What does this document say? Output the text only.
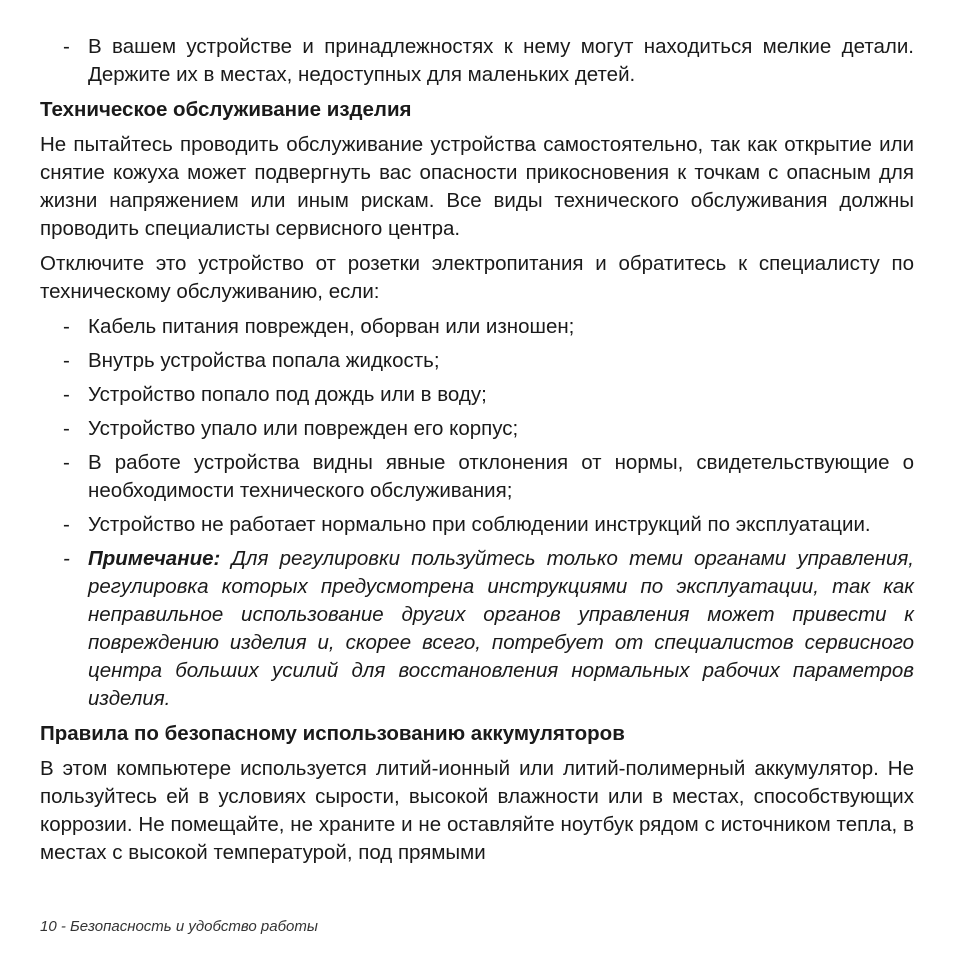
- В вашем устройстве и принадлежностях к нему могут находиться мелкие детали. Держите их в местах, недоступных для маленьких детей.
Техническое обслуживание изделия

Не пытайтесь проводить обслуживание устройства самостоятельно, так как открытие или снятие кожуха может подвергнуть вас опасности прикосновения к точкам с опасным для жизни напряжением или иным рискам. Все виды технического обслуживания должны проводить специалисты сервисного центра.

Отключите это устройство от розетки электропитания и обратитесь к специалисту по техническому обслуживанию, если:

- Кабель питания поврежден, оборван или изношен;
- Внутрь устройства попала жидкость;
- Устройство попало под дождь или в воду;
- Устройство упало или поврежден его корпус;
- В работе устройства видны явные отклонения от нормы, свидетельствующие о необходимости технического обслуживания;
- Устройство не работает нормально при соблюдении инструкций по эксплуатации.
- Примечание: Для регулировки пользуйтесь только теми органами управления, регулировка которых предусмотрена инструкциями по эксплуатации, так как неправильное использование других органов управления может привести к повреждению изделия и, скорее всего, потребует от специалистов сервисного центра больших усилий для восстановления нормальных рабочих параметров изделия.
Правила по безопасному использованию аккумуляторов

В этом компьютере используется литий-ионный или литий-полимерный аккумулятор. Не пользуйтесь ей в условиях сырости, высокой влажности или в местах, способствующих коррозии. Не помещайте, не храните и не оставляйте ноутбук рядом с источником тепла, в местах с высокой температурой, под прямыми

10 - Безопасность и удобство работы
